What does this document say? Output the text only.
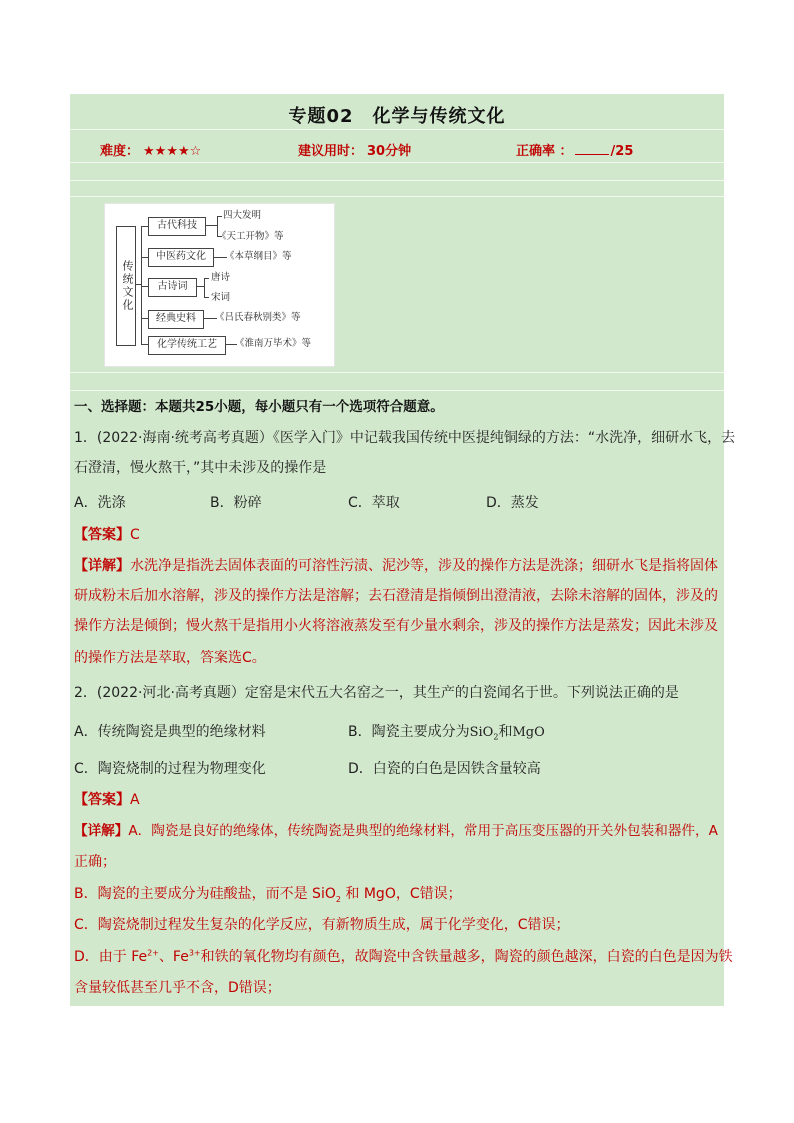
专题02　化学与传统文化
难度： ★★★★☆	建议用时： 30分钟	正确率 ：	/25
传统文化
古代科技
四大发明
《天工开物》等
中医药文化	《本草纲目》等
古诗词
唐诗
宋词
经典史料	《吕氏春秋别类》等
化学传统工艺	《淮南万毕术》等
一、选择题：本题共25小题，每小题只有一个选项符合题意。
1．(2022·海南·统考高考真题）《医学入门》中记载我国传统中医提纯铜绿的方法：“水洗净，细研水飞，去
石澄清，慢火熬干，”其中未涉及的操作是
A．洗涤	B．粉碎	C．萃取	D．蒸发
【答案】C
【详解】水洗净是指洗去固体表面的可溶性污渍、泥沙等，涉及的操作方法是洗涤；细研水飞是指将固体
研成粉末后加水溶解，涉及的操作方法是溶解；去石澄清是指倾倒出澄清液，去除未溶解的固体，涉及的
操作方法是倾倒；慢火熬干是指用小火将溶液蒸发至有少量水剩余，涉及的操作方法是蒸发；因此未涉及
的操作方法是萃取，答案选C。
2．(2022·河北·高考真题）定窑是宋代五大名窑之一，其生产的白瓷闻名于世。下列说法正确的是
A．传统陶瓷是典型的绝缘材料	B．陶瓷主要成分为SiO$_2$和MgO
C．陶瓷烧制的过程为物理变化	D．白瓷的白色是因铁含量较高
【答案】A
【详解】A．陶瓷是良好的绝缘体，传统陶瓷是典型的绝缘材料，常用于高压变压器的开关外包装和器件，A
正确；
B．陶瓷的主要成分为硅酸盐，而不是 SiO$_2$ 和 MgO，C错误；
C．陶瓷烧制过程发生复杂的化学反应，有新物质生成，属于化学变化，C错误；
D．由于 $Fe^{2+}$、$Fe^{3+}$和铁的氧化物均有颜色，故陶瓷中含铁量越多，陶瓷的颜色越深，白瓷的白色是因为铁
含量较低甚至几乎不含，D错误；
